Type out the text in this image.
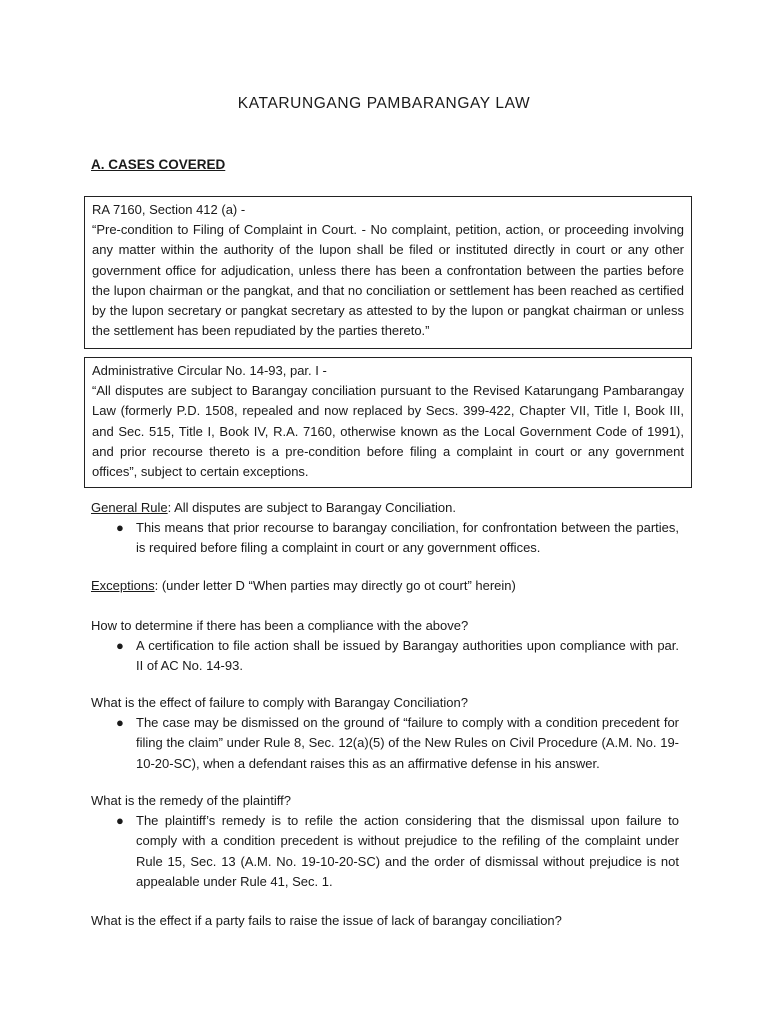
KATARUNGANG PAMBARANGAY LAW
A. CASES COVERED

RA 7160, Section 412 (a) -

“Pre-condition to Filing of Complaint in Court. - No complaint, petition, action, or proceeding involving any matter within the authority of the lupon shall be filed or instituted directly in court or any other government office for adjudication, unless there has been a confrontation between the parties before the lupon chairman or the pangkat, and that no conciliation or settlement has been reached as certified by the lupon secretary or pangkat secretary as attested to by the lupon or pangkat chairman or unless the settlement has been repudiated by the parties thereto.”

Administrative Circular No. 14-93, par. I -

“All disputes are subject to Barangay conciliation pursuant to the Revised Katarungang Pambarangay Law (formerly P.D. 1508, repealed and now replaced by Secs. 399-422, Chapter VII, Title I, Book III, and Sec. 515, Title I, Book IV, R.A. 7160, otherwise known as the Local Government Code of 1991), and prior recourse thereto is a pre-condition before filing a complaint in court or any government offices”, subject to certain exceptions.

General Rule: All disputes are subject to Barangay Conciliation.

● This means that prior recourse to barangay conciliation, for confrontation between the parties, is required before filing a complaint in court or any government offices.

Exceptions: (under letter D “When parties may directly go ot court” herein)

How to determine if there has been a compliance with the above?

● A certification to file action shall be issued by Barangay authorities upon compliance with par. II of AC No. 14-93.

What is the effect of failure to comply with Barangay Conciliation?

● The case may be dismissed on the ground of “failure to comply with a condition precedent for filing the claim” under Rule 8, Sec. 12(a)(5) of the New Rules on Civil Procedure (A.M. No. 19-10-20-SC), when a defendant raises this as an affirmative defense in his answer.

What is the remedy of the plaintiff?

● The plaintiff’s remedy is to refile the action considering that the dismissal upon failure to comply with a condition precedent is without prejudice to the refiling of the complaint under Rule 15, Sec. 13 (A.M. No. 19-10-20-SC) and the order of dismissal without prejudice is not appealable under Rule 41, Sec. 1.

What is the effect if a party fails to raise the issue of lack of barangay conciliation?
